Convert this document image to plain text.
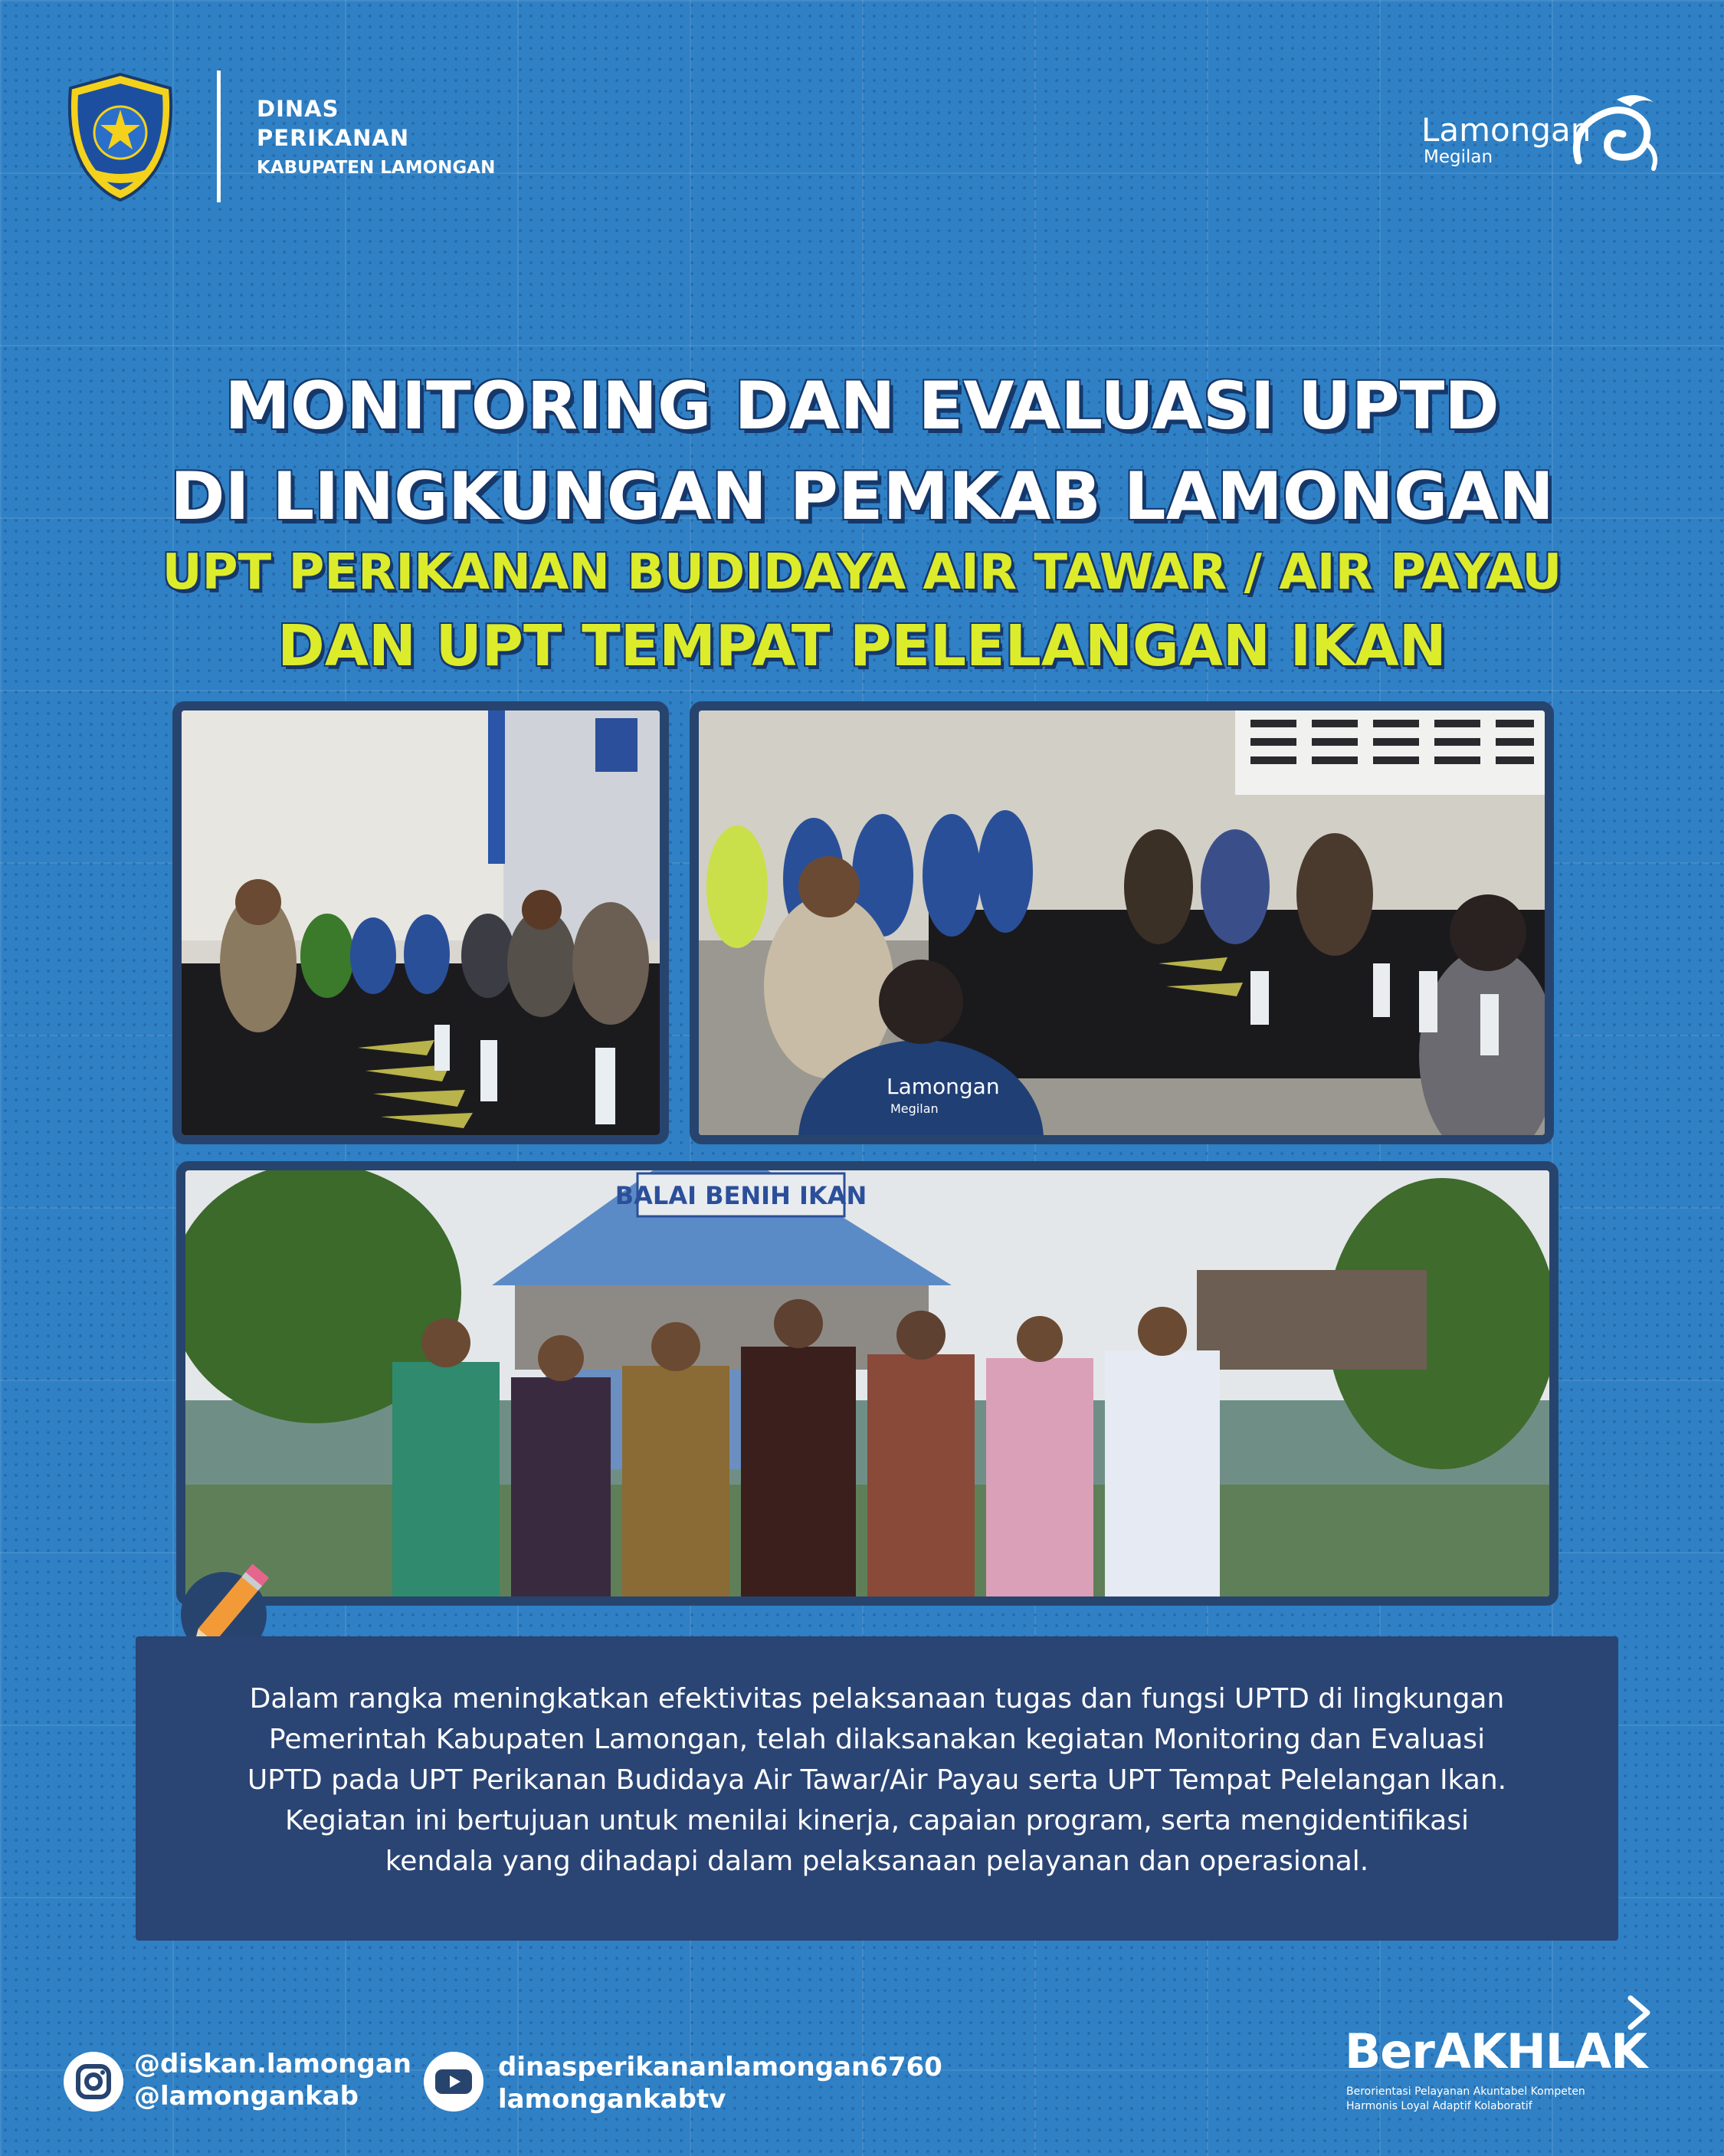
DINAS
PERIKANAN
KABUPATEN LAMONGAN
Lamongan
Megilan
MONITORING DAN EVALUASI UPTD
DI LINGKUNGAN PEMKAB LAMONGAN
UPT PERIKANAN BUDIDAYA AIR TAWAR / AIR PAYAU
DAN UPT TEMPAT PELELANGAN IKAN
Lamongan
Megilan
BALAI BENIH IKAN
Dalam rangka meningkatkan efektivitas pelaksanaan tugas dan fungsi UPTD di lingkungan Pemerintah Kabupaten Lamongan, telah dilaksanakan kegiatan Monitoring dan Evaluasi UPTD pada UPT Perikanan Budidaya Air Tawar/Air Payau serta UPT Tempat Pelelangan Ikan. Kegiatan ini bertujuan untuk menilai kinerja, capaian program, serta mengidentifikasi kendala yang dihadapi dalam pelaksanaan pelayanan dan operasional.
@diskan.lamongan
@lamongankab
dinasperikananlamongan6760
lamongankabtv
BerAKHLAK
Berorientasi Pelayanan Akuntabel Kompeten
Harmonis Loyal Adaptif Kolaboratif
